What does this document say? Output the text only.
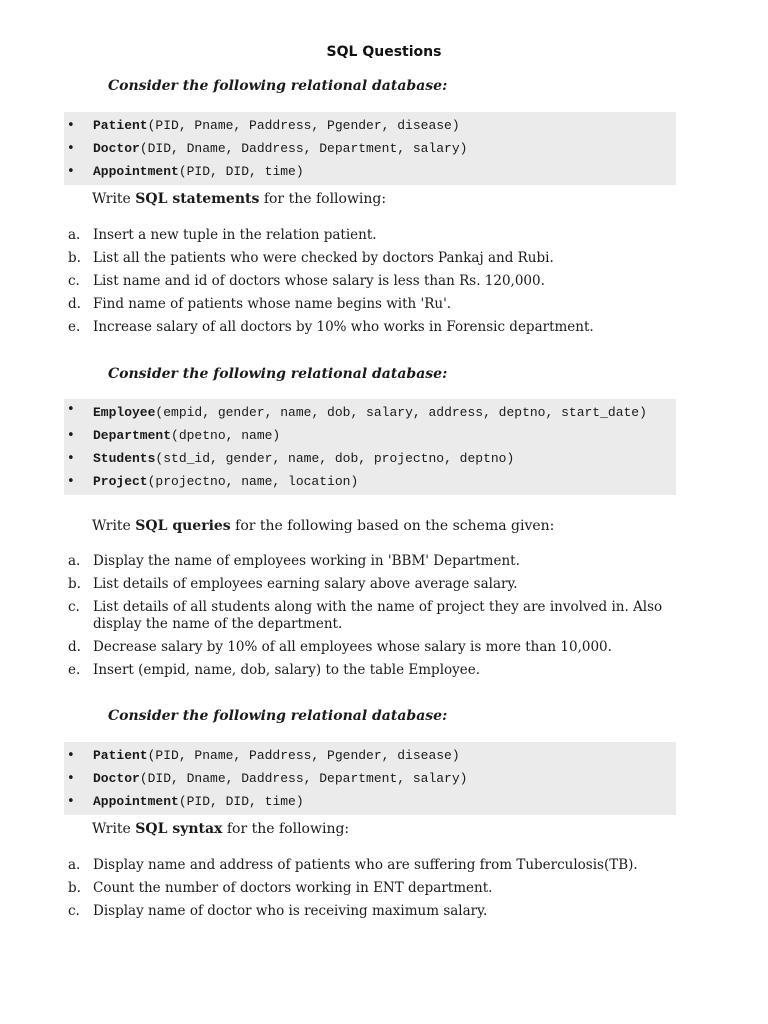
SQL Questions
Consider the following relational database:
• Patient(PID, Pname, Paddress, Pgender, disease)
• Doctor(DID, Dname, Daddress, Department, salary)
• Appointment(PID, DID, time)
Write SQL statements for the following:
a. Insert a new tuple in the relation patient.
b. List all the patients who were checked by doctors Pankaj and Rubi.
c. List name and id of doctors whose salary is less than Rs. 120,000.
d. Find name of patients whose name begins with 'Ru'.
e. Increase salary of all doctors by 10% who works in Forensic department.
Consider the following relational database:
• Employee(empid, gender, name, dob, salary, address, deptno, start_date)
• Department(dpetno, name)
• Students(std_id, gender, name, dob, projectno, deptno)
• Project(projectno, name, location)
Write SQL queries for the following based on the schema given:
a. Display the name of employees working in 'BBM' Department.
b. List details of employees earning salary above average salary.
c. List details of all students along with the name of project they are involved in. Also display the name of the department.
d. Decrease salary by 10% of all employees whose salary is more than 10,000.
e. Insert (empid, name, dob, salary) to the table Employee.
Consider the following relational database:
• Patient(PID, Pname, Paddress, Pgender, disease)
• Doctor(DID, Dname, Daddress, Department, salary)
• Appointment(PID, DID, time)
Write SQL syntax for the following:
a. Display name and address of patients who are suffering from Tuberculosis(TB).
b. Count the number of doctors working in ENT department.
c. Display name of doctor who is receiving maximum salary.
